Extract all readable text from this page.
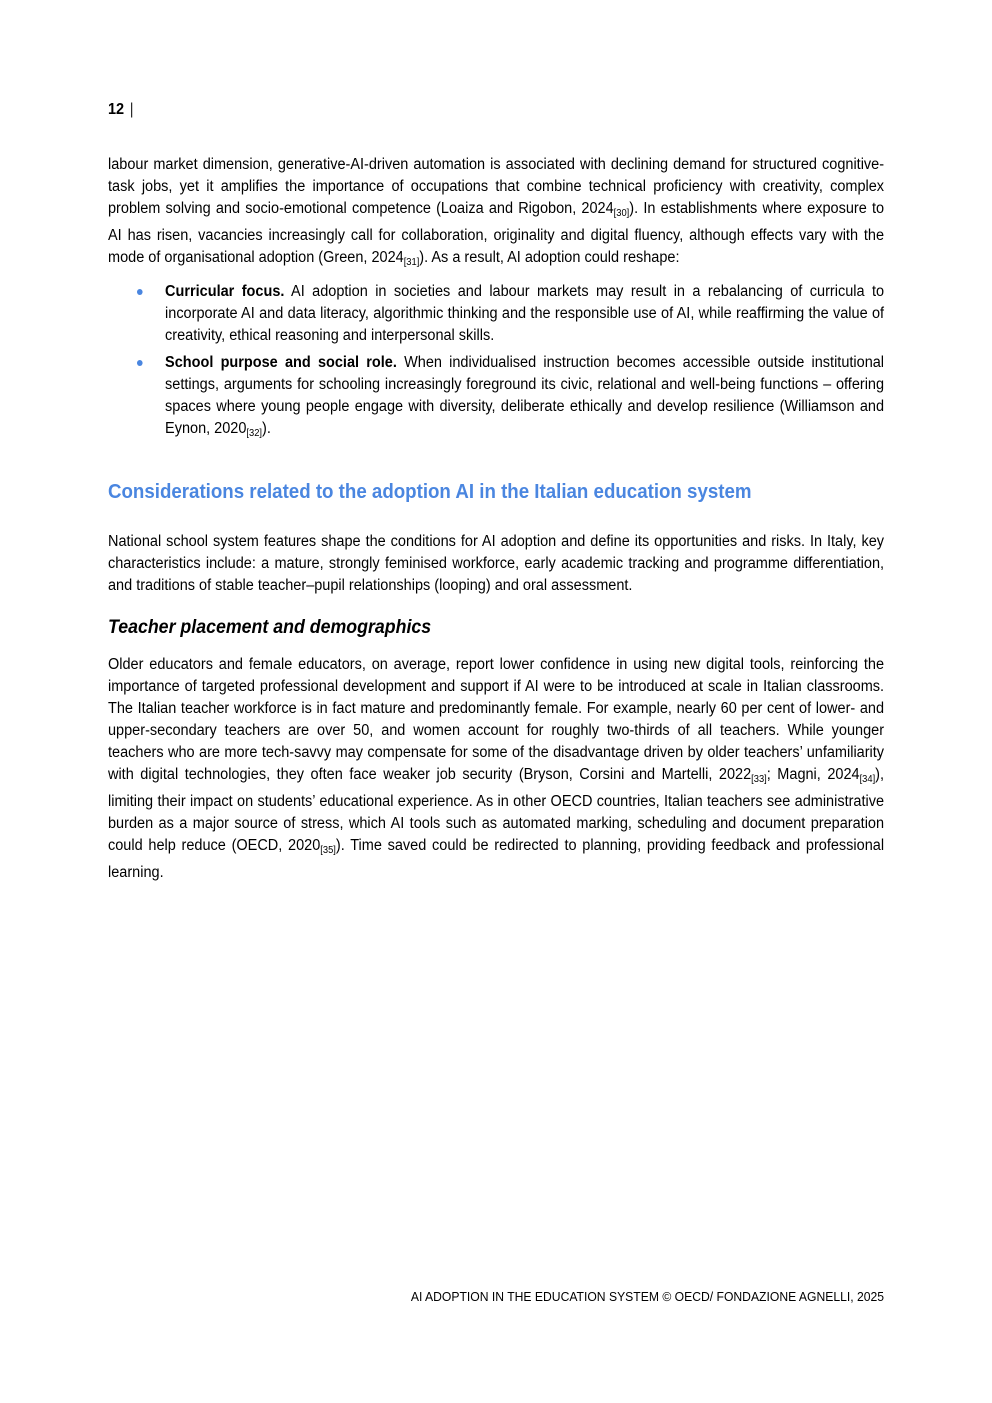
12 |

labour market dimension, generative-AI-driven automation is associated with declining demand for structured cognitive-task jobs, yet it amplifies the importance of occupations that combine technical proficiency with creativity, complex problem solving and socio-emotional competence (Loaiza and Rigobon, 2024[30]). In establishments where exposure to AI has risen, vacancies increasingly call for collaboration, originality and digital fluency, although effects vary with the mode of organisational adoption (Green, 2024[31]). As a result, AI adoption could reshape:

Curricular focus. AI adoption in societies and labour markets may result in a rebalancing of curricula to incorporate AI and data literacy, algorithmic thinking and the responsible use of AI, while reaffirming the value of creativity, ethical reasoning and interpersonal skills.
School purpose and social role. When individualised instruction becomes accessible outside institutional settings, arguments for schooling increasingly foreground its civic, relational and well-being functions – offering spaces where young people engage with diversity, deliberate ethically and develop resilience (Williamson and Eynon, 2020[32]).
Considerations related to the adoption AI in the Italian education system

National school system features shape the conditions for AI adoption and define its opportunities and risks. In Italy, key characteristics include: a mature, strongly feminised workforce, early academic tracking and programme differentiation, and traditions of stable teacher–pupil relationships (looping) and oral assessment.

Teacher placement and demographics

Older educators and female educators, on average, report lower confidence in using new digital tools, reinforcing the importance of targeted professional development and support if AI were to be introduced at scale in Italian classrooms. The Italian teacher workforce is in fact mature and predominantly female. For example, nearly 60 per cent of lower- and upper-secondary teachers are over 50, and women account for roughly two-thirds of all teachers. While younger teachers who are more tech-savvy may compensate for some of the disadvantage driven by older teachers’ unfamiliarity with digital technologies, they often face weaker job security (Bryson, Corsini and Martelli, 2022[33]; Magni, 2024[34]), limiting their impact on students’ educational experience. As in other OECD countries, Italian teachers see administrative burden as a major source of stress, which AI tools such as automated marking, scheduling and document preparation could help reduce (OECD, 2020[35]). Time saved could be redirected to planning, providing feedback and professional learning.

AI ADOPTION IN THE EDUCATION SYSTEM © OECD/ FONDAZIONE AGNELLI, 2025
